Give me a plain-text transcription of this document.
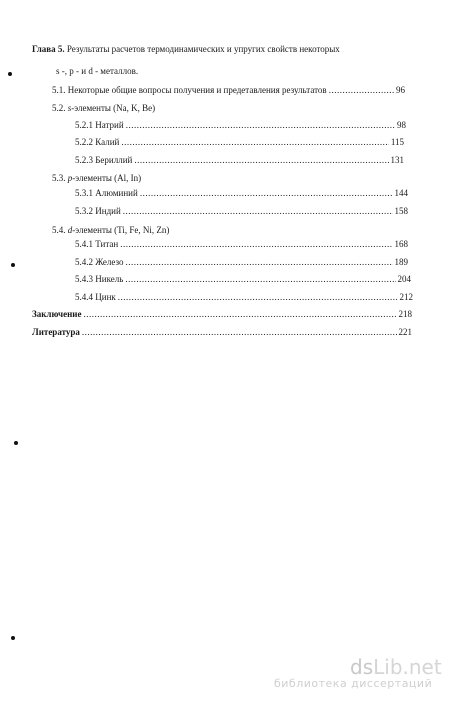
Глава 5. Результаты расчетов термодинамических и упругих свойств некоторых
s -, p - и d - металлов.
5.1. Некоторые общие вопросы получения и предетавления результатов .....	96
5.2. s-элементы (Na, K, Be)
5.2.1 Натрий .....	98
5.2.2 Калий .....	115
5.2.3 Бериллий .....	131
5.3. p-элементы (Al, In)
5.3.1 Алюминий .....	144
5.3.2 Индий .....	158
5.4. d-элементы (Ti, Fe, Ni, Zn)
5.4.1 Титан .....	168
5.4.2 Железо .....	189
5.4.3 Никель .....	204
5.4.4 Цинк .....	212
Заключение .....	218
Литература .....	221
dsLib.net
библиотека диссертаций
